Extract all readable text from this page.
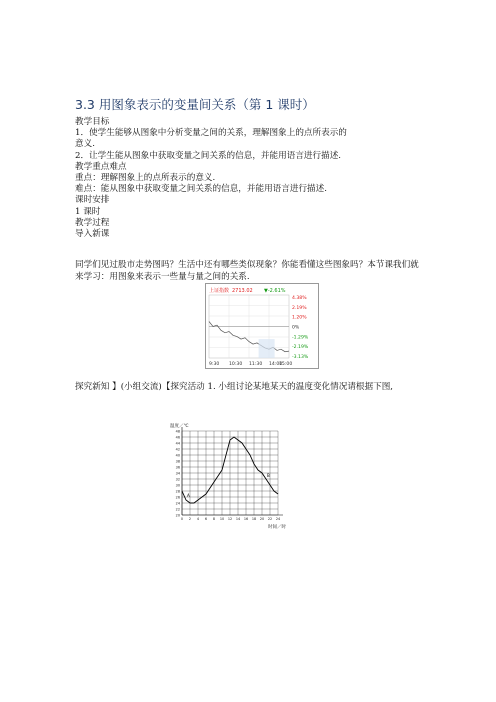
3.3 用图象表示的变量间关系（第 1 课时）
教学目标
1．使学生能够从图象中分析变量之间的关系，理解图象上的点所表示的
意义.
2．让学生能从图象中获取变量之间关系的信息，并能用语言进行描述.
教学重点难点
重点：理解图象上的点所表示的意义.
难点：能从图象中获取变量之间关系的信息，并能用语言进行描述.
课时安排
1 课时
教学过程
导入新课
同学们见过股市走势图吗？生活中还有哪些类似现象？你能看懂这些图象吗？本节课我们就来学习：用图象来表示一些量与量之间的关系.
上证指数 2713.02 ▼-2.61%
4.38%
2.19%
1.20%
0%
-1.29%
-2.19%
-3.13%
9:30 10:30 11:30 14:00
15:00
探究新知 】(小组交流)【探究活动 1. 小组讨论某地某天的温度变化情况请根据下图,
温度／℃
20
22
24
26
28
30
32
34
36
38
40
42
44
46
48
0 2 4 6 8 10 12 14 16 18 20 22 24
A
B
时间／时
